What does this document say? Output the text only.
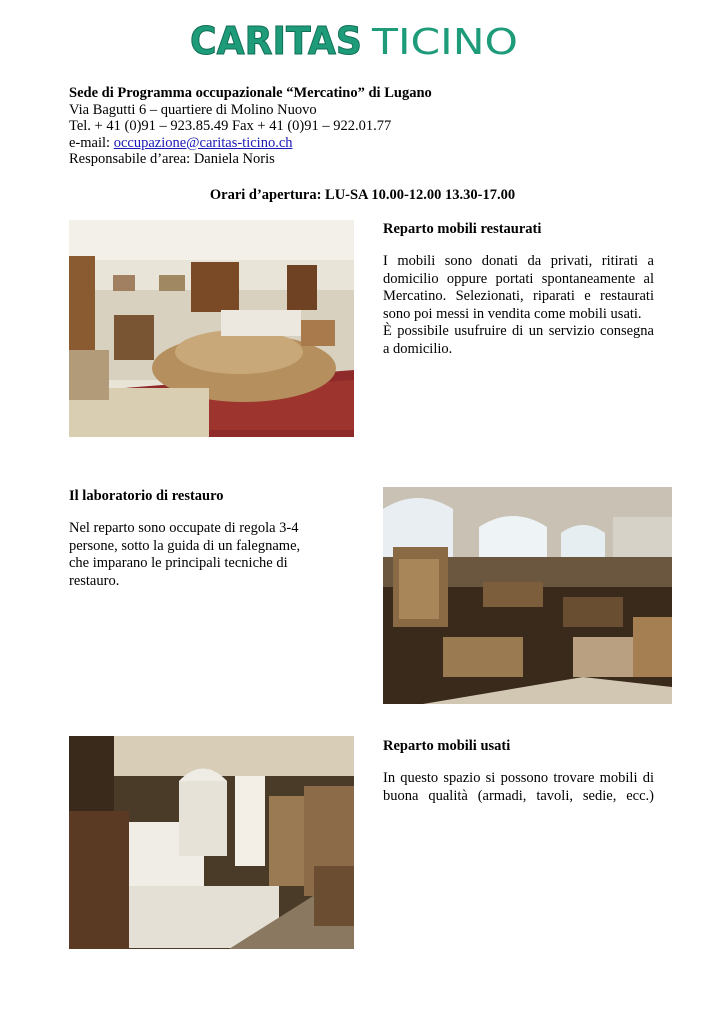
CARITAS TICINO
Sede di Programma occupazionale “Mercatino” di Lugano
Via Bagutti 6 – quartiere di Molino Nuovo
Tel. + 41 (0)91 – 923.85.49 Fax + 41 (0)91 – 922.01.77
e-mail: occupazione@caritas-ticino.ch
Responsabile d’area: Daniela Noris
Orari d’apertura: LU-SA 10.00-12.00 13.30-17.00
Reparto mobili restaurati
I mobili sono donati da privati, ritirati a
domicilio oppure portati spontaneamente al
Mercatino. Selezionati, riparati e restaurati
sono poi messi in vendita come mobili usati.
È possibile usufruire di un servizio consegna
a domicilio.
Il laboratorio di restauro
Nel reparto sono occupate di regola 3-4
persone, sotto la guida di un falegname,
che imparano le principali tecniche di
restauro.
Reparto mobili usati
In questo spazio si possono trovare mobili di
buona qualità (armadi, tavoli, sedie, ecc.)
